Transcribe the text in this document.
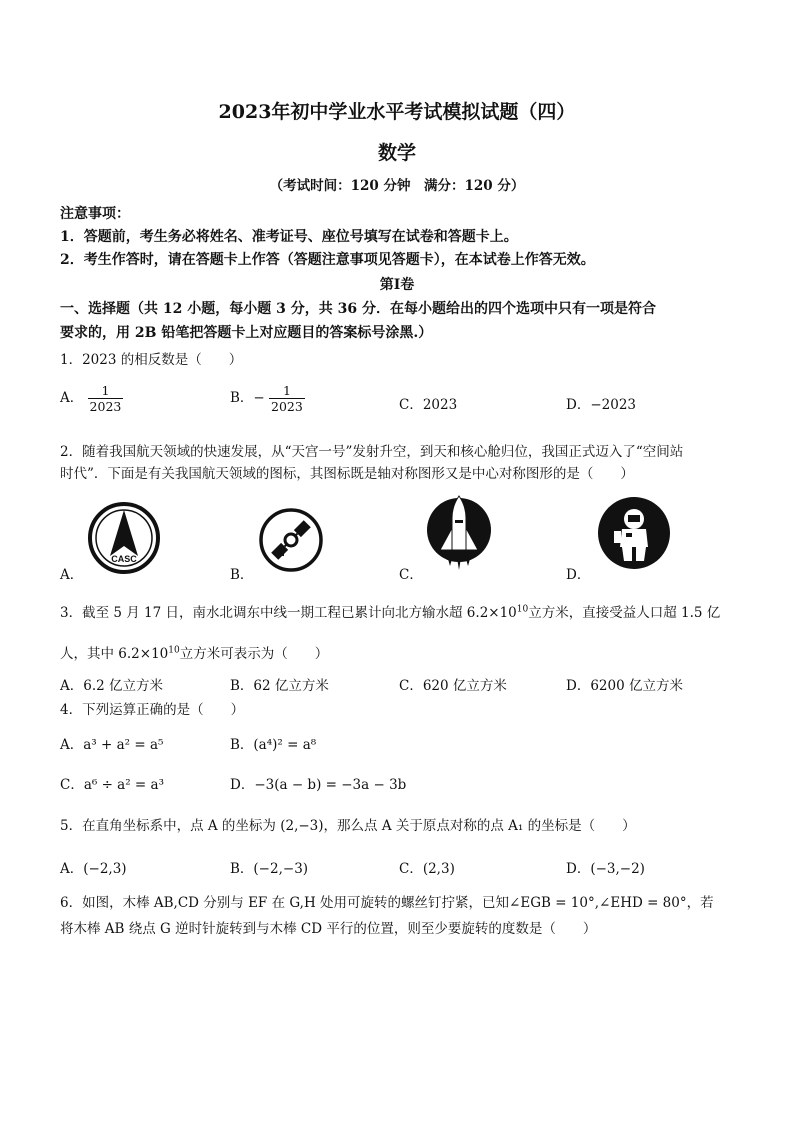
2023年初中学业水平考试模拟试题（四）
数学
（考试时间：120 分钟　满分：120 分）
注意事项：
1．答题前，考生务必将姓名、准考证号、座位号填写在试卷和答题卡上。
2．考生作答时，请在答题卡上作答（答题注意事项见答题卡），在本试卷上作答无效。
第Ⅰ卷
一、选择题（共 12 小题，每小题 3 分，共 36 分．在每小题给出的四个选项中只有一项是符合
要求的，用 2B 铅笔把答题卡上对应题目的答案标号涂黑.）
1．2023 的相反数是（　　）
A． $\frac{1}{2023}$	B．− $\frac{1}{2023}$	C．2023	D．−2023
2．随着我国航天领域的快速发展，从“天宫一号”发射升空，到天和核心舱归位，我国正式迈入了“空间站
时代”．下面是有关我国航天领域的图标，其图标既是轴对称图形又是中心对称图形的是（　　）
A．	B．	C．	D．
CASC
3．截至 5 月 17 日，南水北调东中线一期工程已累计向北方输水超 $6.2\times 10^{10}$立方米，直接受益人口超 1.5 亿
人，其中 $6.2\times 10^{10}$立方米可表示为（　　）
A．6.2 亿立方米	B．62 亿立方米	C．620 亿立方米	D．6200 亿立方米
4．下列运算正确的是（　　）
A．a³ + a² = a⁵	B．(a⁴)² = a⁸
C．a⁶ ÷ a² = a³	D．−3(a − b) = −3a − 3b
5．在直角坐标系中，点 A 的坐标为 (2,−3)，那么点 A 关于原点对称的点 A₁ 的坐标是（　　）
A．(−2,3)	B．(−2,−3)	C．(2,3)	D．(−3,−2)
6．如图，木棒 AB,CD 分别与 EF 在 G,H 处用可旋转的螺丝钉拧紧，已知∠EGB = 10°,∠EHD = 80°，若
将木棒 AB 绕点 G 逆时针旋转到与木棒 CD 平行的位置，则至少要旋转的度数是（　　）
